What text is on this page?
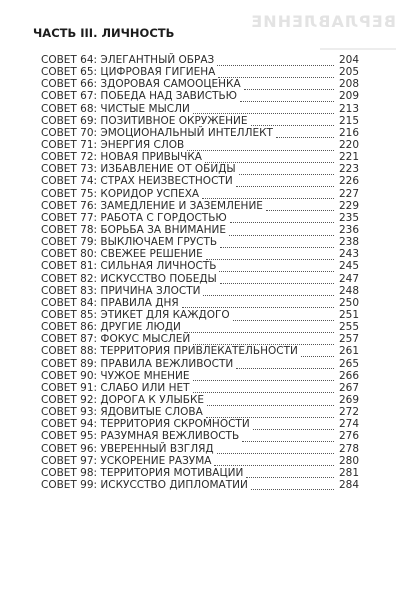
ВЕРЛАВЛЕНИЕ
ЧАСТЬ III. ЛИЧНОСТЬ
СОВЕТ 64: ЭЛЕГАНТНЫЙ ОБРАЗ	204
СОВЕТ 65: ЦИФРОВАЯ ГИГИЕНА	205
СОВЕТ 66: ЗДОРОВАЯ САМООЦЕНКА	208
СОВЕТ 67: ПОБЕДА НАД ЗАВИСТЬЮ	209
СОВЕТ 68: ЧИСТЫЕ МЫСЛИ	213
СОВЕТ 69: ПОЗИТИВНОЕ ОКРУЖЕНИЕ	215
СОВЕТ 70: ЭМОЦИОНАЛЬНЫЙ ИНТЕЛЛЕКТ	216
СОВЕТ 71: ЭНЕРГИЯ СЛОВ	220
СОВЕТ 72: НОВАЯ ПРИВЫЧКА	221
СОВЕТ 73: ИЗБАВЛЕНИЕ ОТ ОБИДЫ	223
СОВЕТ 74: СТРАХ НЕИЗВЕСТНОСТИ	226
СОВЕТ 75: КОРИДОР УСПЕХА	227
СОВЕТ 76: ЗАМЕДЛЕНИЕ И ЗАЗЕМЛЕНИЕ	229
СОВЕТ 77: РАБОТА С ГОРДОСТЬЮ	235
СОВЕТ 78: БОРЬБА ЗА ВНИМАНИЕ	236
СОВЕТ 79: ВЫКЛЮЧАЕМ ГРУСТЬ	238
СОВЕТ 80: СВЕЖЕЕ РЕШЕНИЕ	243
СОВЕТ 81: СИЛЬНАЯ ЛИЧНОСТЬ	245
СОВЕТ 82: ИСКУССТВО ПОБЕДЫ	247
СОВЕТ 83: ПРИЧИНА ЗЛОСТИ	248
СОВЕТ 84: ПРАВИЛА ДНЯ	250
СОВЕТ 85: ЭТИКЕТ ДЛЯ КАЖДОГО	251
СОВЕТ 86: ДРУГИЕ ЛЮДИ	255
СОВЕТ 87: ФОКУС МЫСЛЕЙ	257
СОВЕТ 88: ТЕРРИТОРИЯ ПРИВЛЕКАТЕЛЬНОСТИ	261
СОВЕТ 89: ПРАВИЛА ВЕЖЛИВОСТИ	265
СОВЕТ 90: ЧУЖОЕ МНЕНИЕ	266
СОВЕТ 91: СЛАБО ИЛИ НЕТ	267
СОВЕТ 92: ДОРОГА К УЛЫБКЕ	269
СОВЕТ 93: ЯДОВИТЫЕ СЛОВА	272
СОВЕТ 94: ТЕРРИТОРИЯ СКРОМНОСТИ	274
СОВЕТ 95: РАЗУМНАЯ ВЕЖЛИВОСТЬ	276
СОВЕТ 96: УВЕРЕННЫЙ ВЗГЛЯД	278
СОВЕТ 97: УСКОРЕНИЕ РАЗУМА	280
СОВЕТ 98: ТЕРРИТОРИЯ МОТИВАЦИИ	281
СОВЕТ 99: ИСКУССТВО ДИПЛОМАТИИ	284
